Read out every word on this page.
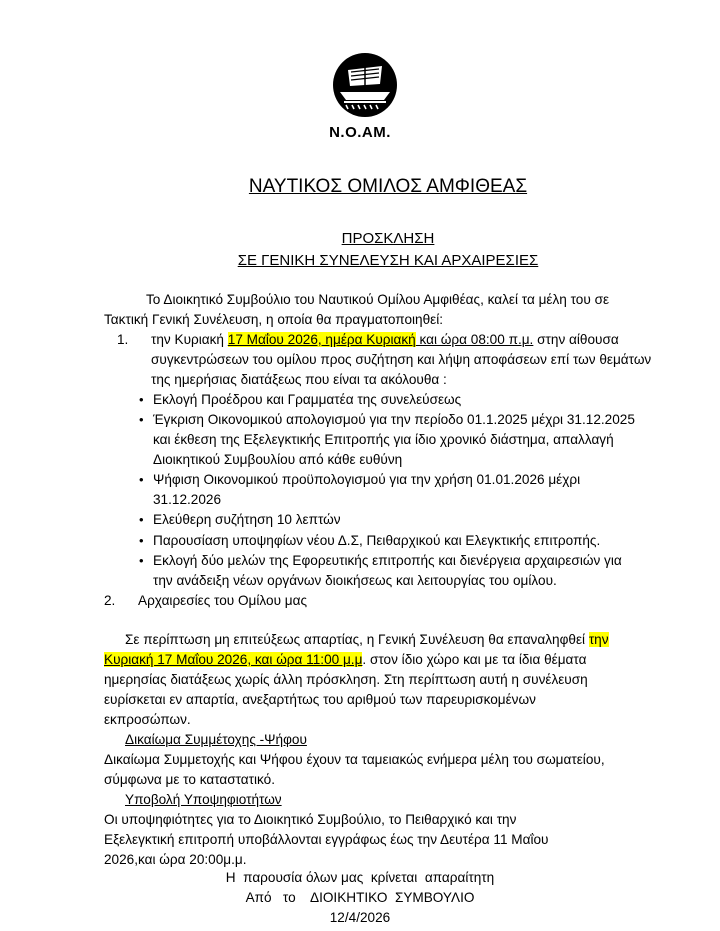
Ν.Ο.ΑΜ.
ΝΑΥΤΙΚΟΣ ΟΜΙΛΟΣ ΑΜΦΙΘΕΑΣ
ΠΡΟΣΚΛΗΣΗ
ΣΕ ΓΕΝΙΚΗ ΣΥΝΕΛΕΥΣΗ ΚΑΙ ΑΡΧΑΙΡΕΣΙΕΣ
Το Διοικητικό Συμβούλιο του Ναυτικού Ομίλου Αμφιθέας, καλεί τα μέλη του σε
Τακτική Γενική Συνέλευση, η οποία θα πραγματοποιηθεί:
1. την Κυριακή 17 Μαΐου 2026, ημέρα Κυριακή και ώρα 08:00 π.μ. στην αίθουσα
συγκεντρώσεων του ομίλου προς συζήτηση και λήψη αποφάσεων επί των θεμάτων
της ημερήσιας διατάξεως που είναι τα ακόλουθα :
• Εκλογή Προέδρου και Γραμματέα της συνελεύσεως
• Έγκριση Οικονομικού απολογισμού για την περίοδο 01.1.2025 μέχρι 31.12.2025
και έκθεση της Εξελεγκτικής Επιτροπής για ίδιο χρονικό διάστημα, απαλλαγή
Διοικητικού Συμβουλίου από κάθε ευθύνη
• Ψήφιση Οικονομικού προϋπολογισμού για την χρήση 01.01.2026 μέχρι
31.12.2026
• Ελεύθερη συζήτηση 10 λεπτών
• Παρουσίαση υποψηφίων νέου Δ.Σ, Πειθαρχικού και Ελεγκτικής επιτροπής.
• Εκλογή δύο μελών της Εφορευτικής επιτροπής και διενέργεια αρχαιρεσιών για
την ανάδειξη νέων οργάνων διοικήσεως και λειτουργίας του ομίλου.
2. Αρχαιρεσίες του Ομίλου μας
Σε περίπτωση μη επιτεύξεως απαρτίας, η Γενική Συνέλευση θα επαναληφθεί την
Κυριακή 17 Μαΐου 2026, και ώρα 11:00 μ.μ. στον ίδιο χώρο και με τα ίδια θέματα
ημερησίας διατάξεως χωρίς άλλη πρόσκληση. Στη περίπτωση αυτή η συνέλευση
ευρίσκεται εν απαρτία, ανεξαρτήτως του αριθμού των παρευρισκομένων
εκπροσώπων.
Δικαίωμα Συμμέτοχης -Ψήφου
Δικαίωμα Συμμετοχής και Ψήφου έχουν τα ταμειακώς ενήμερα μέλη του σωματείου,
σύμφωνα με το καταστατικό.
Υποβολή Υποψηφιοτήτων
Οι υποψηφιότητες για το Διοικητικό Συμβούλιο, το Πειθαρχικό και την
Εξελεγκτική επιτροπή υποβάλλονται εγγράφως έως την Δευτέρα 11 Μαΐου
2026,και ώρα 20:00μ.μ.
Η  παρουσία όλων μας  κρίνεται  απαραίτητη
Από   το    ΔΙΟΙΚΗΤΙΚΟ  ΣΥΜΒΟΥΛΙΟ
12/4/2026
